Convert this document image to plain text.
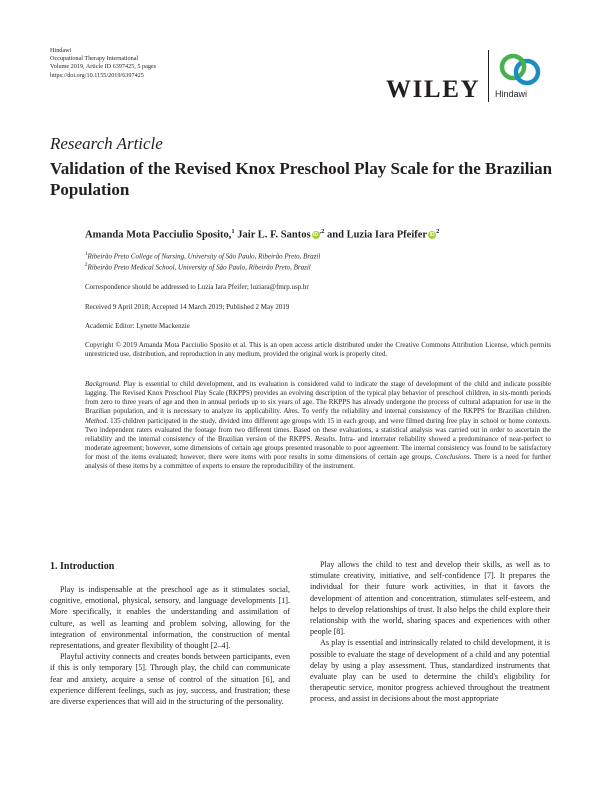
Hindawi
Occupational Therapy International
Volume 2019, Article ID 6397425, 5 pages
https://doi.org/10.1155/2019/6397425
WILEY Hindawi
Research Article
Validation of the Revised Knox Preschool Play Scale for the Brazilian Population
Amanda Mota Pacciulio Sposito,$^1$ Jair L. F. Santos $iD^{,2}$ and Luzia Iara Pfeifer $iD^2$
$^1$Ribeirão Preto College of Nursing, University of São Paulo, Ribeirão Preto, Brazil
$^2$Ribeirão Preto Medical School, University of São Paulo, Ribeirão Preto, Brazil
Correspondence should be addressed to Luzia Iara Pfeifer; luziara@fmrp.usp.br
Received 9 April 2018; Accepted 14 March 2019; Published 2 May 2019
Academic Editor: Lynette Mackenzie
Copyright © 2019 Amanda Mota Pacciulio Sposito et al. This is an open access article distributed under the Creative Commons Attribution License, which permits unrestricted use, distribution, and reproduction in any medium, provided the original work is properly cited.
Background. Play is essential to child development, and its evaluation is considered valid to indicate the stage of development of the child and indicate possible lagging. The Revised Knox Preschool Play Scale (RKPPS) provides an evolving description of the typical play behavior of preschool children, in six-month periods from zero to three years of age and then in annual periods up to six years of age. The RKPPS has already undergone the process of cultural adaptation for use in the Brazilian population, and it is necessary to analyze its applicability. Aims. To verify the reliability and internal consistency of the RKPPS for Brazilian children. Method. 135 children participated in the study, divided into different age groups with 15 in each group, and were filmed during free play in school or home contexts. Two independent raters evaluated the footage from two different times. Based on these evaluations, a statistical analysis was carried out in order to ascertain the reliability and the internal consistency of the Brazilian version of the RKPPS. Results. Intra- and interrater reliability showed a predominance of near-perfect to moderate agreement; however, some dimensions of certain age groups presented reasonable to poor agreement. The internal consistency was found to be satisfactory for most of the items evaluated; however, there were items with poor results in some dimensions of certain age groups. Conclusions. There is a need for further analysis of these items by a committee of experts to ensure the reproducibility of the instrument.
1. Introduction

Play is indispensable at the preschool age as it stimulates social, cognitive, emotional, physical, sensory, and language developments [1]. More specifically, it enables the understanding and assimilation of culture, as well as learning and problem solving, allowing for the integration of environmental information, the construction of mental representations, and greater flexibility of thought [2–4].

Playful activity connects and creates bonds between participants, even if this is only temporary [5]. Through play, the child can communicate fear and anxiety, acquire a sense of control of the situation [6], and experience different feelings, such as joy, success, and frustration; these are diverse experiences that will aid in the structuring of the personality.

Play allows the child to test and develop their skills, as well as to stimulate creativity, initiative, and self-confidence [7]. It prepares the individual for their future work activities, in that it favors the development of attention and concentration, stimulates self-esteem, and helps to develop relationships of trust. It also helps the child explore their relationship with the world, sharing spaces and experiences with other people [8].

As play is essential and intrinsically related to child development, it is possible to evaluate the stage of development of a child and any potential delay by using a play assessment. Thus, standardized instruments that evaluate play can be used to determine the child's eligibility for therapeutic service, monitor progress achieved throughout the treatment process, and assist in decisions about the most appropriate
